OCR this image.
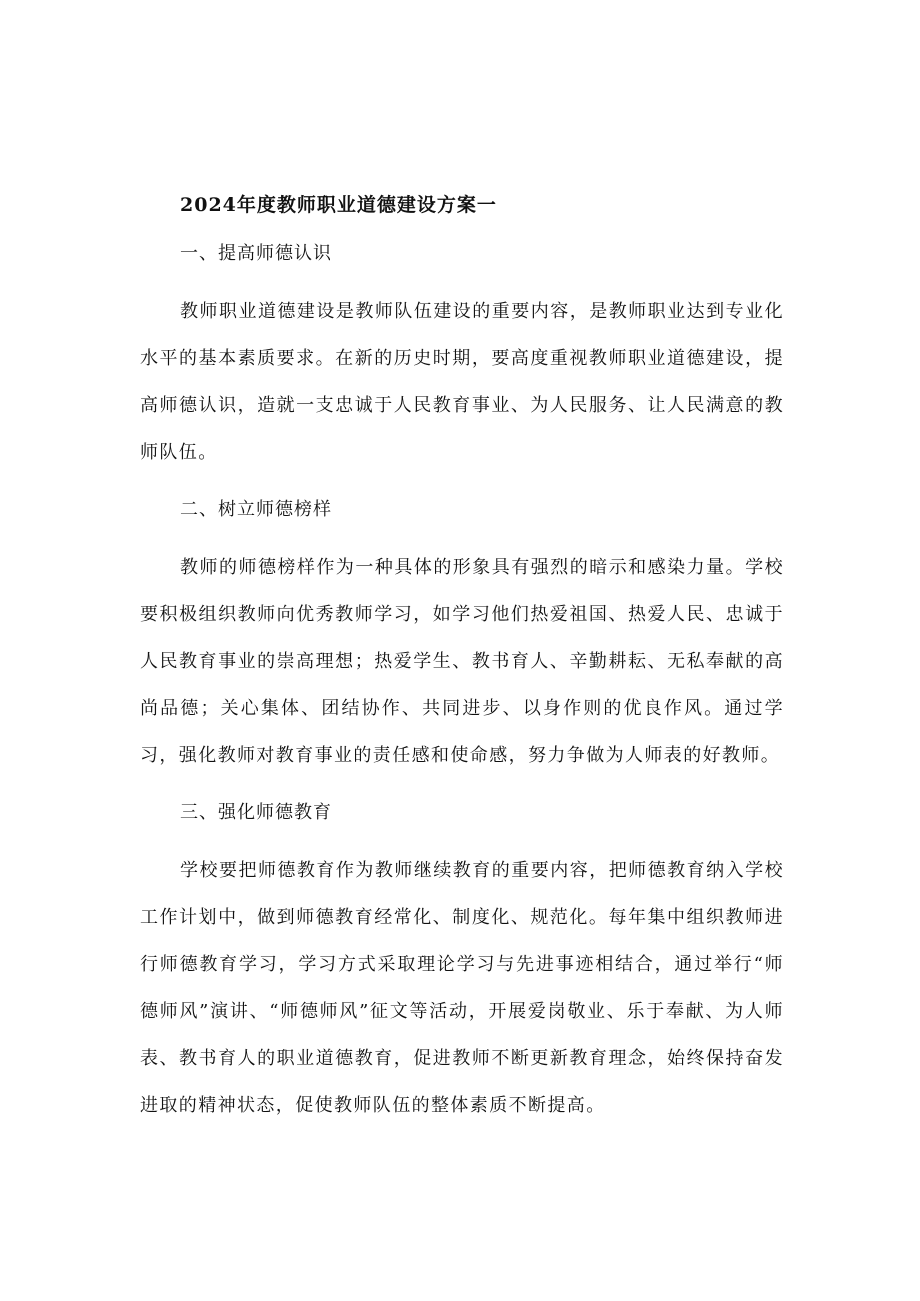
2024年度教师职业道德建设方案一
一、提高师德认识

教师职业道德建设是教师队伍建设的重要内容，是教师职业达到专业化水平的基本素质要求。在新的历史时期，要高度重视教师职业道德建设，提高师德认识，造就一支忠诚于人民教育事业、为人民服务、让人民满意的教师队伍。

二、树立师德榜样

教师的师德榜样作为一种具体的形象具有强烈的暗示和感染力量。学校要积极组织教师向优秀教师学习，如学习他们热爱祖国、热爱人民、忠诚于人民教育事业的崇高理想；热爱学生、教书育人、辛勤耕耘、无私奉献的高尚品德；关心集体、团结协作、共同进步、以身作则的优良作风。通过学习，强化教师对教育事业的责任感和使命感，努力争做为人师表的好教师。

三、强化师德教育

学校要把师德教育作为教师继续教育的重要内容，把师德教育纳入学校工作计划中，做到师德教育经常化、制度化、规范化。每年集中组织教师进行师德教育学习，学习方式采取理论学习与先进事迹相结合，通过举行“师德师风”演讲、“师德师风”征文等活动，开展爱岗敬业、乐于奉献、为人师表、教书育人的职业道德教育，促进教师不断更新教育理念，始终保持奋发进取的精神状态，促使教师队伍的整体素质不断提高。
